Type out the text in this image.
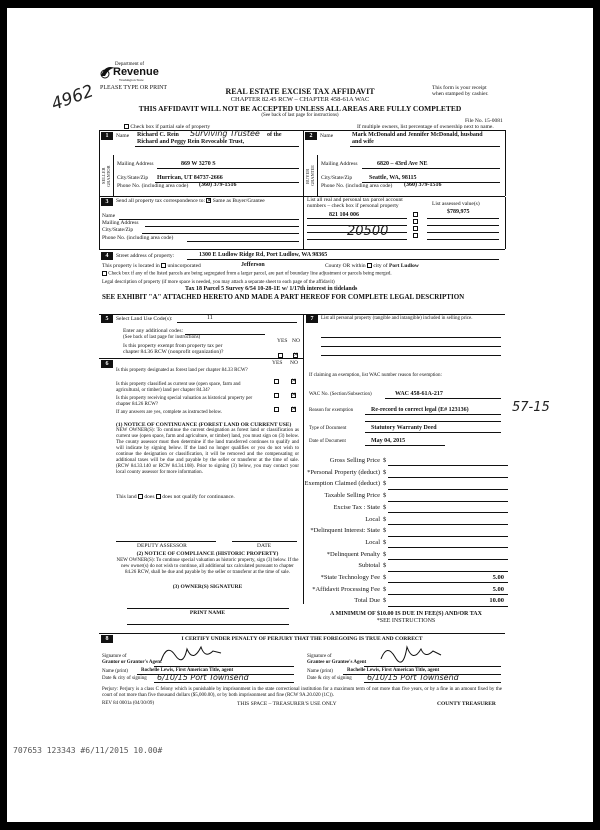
4962
Department of
Revenue
Washington State
PLEASE TYPE OR PRINT	REAL ESTATE EXCISE TAX AFFIDAVIT
CHAPTER 82.45 RCW – CHAPTER 458-61A WAC
THIS AFFIDAVIT WILL NOT BE ACCEPTED UNLESS ALL AREAS ARE FULLY COMPLETED
(See back of last page for instructions)
This form is your receipt
when stamped by cashier.
File No. 15-0081
Check box if partial sale of property	If multiple owners, list percentage of ownership next to name.
1
SELLER GRANTOR
Name Richard C. Rein Surviving Trustee of the
Richard and Peggy Rein Revocable Trust,
Mailing Address	869 W 3270 S
City/State/Zip Hurrican, UT 84737-2666
Phone No. (including area code) (360) 379-1516
2
BUYER GRANTEE
Name	Mark McDonald and Jennifer McDonald, husband
and wife
Mailing Address	6820 – 43rd Ave NE
City/State/Zip	Seattle, WA, 98115
Phone No. (including area code) (360) 379-1516
3	Send all property tax correspondence to: ✕ Same as Buyer/Grantee
Name
Mailing Address
City/State/Zip
Phone No. (including area code)
List all real and personal tax parcel account
numbers – check box if personal property	List assessed value(s)
821 104 006	$789,975
20500
4	Street address of property:	1300 E Ludlow Ridge Rd, Port Ludlow, WA 98365
This property is located in unincorporated	Jefferson	County OR within city of Port Ludlow
Check box if any of the listed parcels are being segregated from a larger parcel, are part of boundary line adjustment or parcels being merged.
Legal description of property (if more space is needed, you may attach a separate sheet to each page of the affidavit)
Tax 18 Parcel 5 Survey 6/54 10-28-1E w/ 1/17th interest in tidelands
SEE EXHIBIT "A" ATTACHED HERETO AND MADE A PART HEREOF FOR COMPLETE LEGAL DESCRIPTION
5	Select Land Use Code(s):	11
Enter any additional codes:
(See back of last page for instructions)
YES NO
Is this property exempt from property tax per
chapter 84.36 RCW (nonprofit organization)?
✕
6	YES NO
Is this property designated as forest land per chapter 84.33 RCW?
✕
Is this property classified as current use (open space, farm and agricultural, or timber) land per chapter 84.34?
✕
Is this property receiving special valuation as historical property per chapter 84.26 RCW?
✕
If any answers are yes, complete as instructed below.
(1) NOTICE OF CONTINUANCE (FOREST LAND OR CURRENT USE)
NEW OWNER(S): To continue the current designation as forest land or classification as current use (open space, farm and agriculture, or timber) land, you must sign on (3) below. The county assessor must then determine if the land transferred continues to qualify and will indicate by signing below. If the land no longer qualifies or you do not wish to continue the designation or classification, it will be removed and the compensating or additional taxes will be due and payable by the seller or transferor at the time of sale. (RCW 84.33.140 or RCW 84.34.108). Prior to signing (3) below, you may contact your local county assessor for more information.
This land does does not qualify for continuance.
DEPUTY ASSESSOR	DATE
(2) NOTICE OF COMPLIANCE (HISTORIC PROPERTY)
NEW OWNER(S): To continue special valuation as historic property, sign (3) below. If the new owner(s) do not wish to continue, all additional tax calculated pursuant to chapter 84.26 RCW, shall be due and payable by the seller or transferor at the time of sale.
(3) OWNER(S) SIGNATURE
PRINT NAME
7	List all personal property (tangible and intangible) included in selling price.
If claiming an exemption, list WAC number reason for exemption:
WAC No. (Section/Subsection)	WAC 458-61A-217
Reason for exemption	Re-record to correct legal (E# 123136)	57-15
Type of Document	Statutory Warranty Deed
Date of Document	May 04, 2015
Gross Selling Price $
*Personal Property (deduct) $
Exemption Claimed (deduct) $
Taxable Selling Price $
Excise Tax : State $
Local $
*Delinquent Interest: State $
Local $
*Delinquent Penalty $
Subtotal $
*State Technology Fee $	5.00
*Affidavit Processing Fee $	5.00
Total Due $	10.00
A MINIMUM OF $10.00 IS DUE IN FEE(S) AND/OR TAX
*SEE INSTRUCTIONS
8	I CERTIFY UNDER PENALTY OF PERJURY THAT THE FOREGOING IS TRUE AND CORRECT
Signature of
Grantor or Grantor's Agent
Name (print)	Rochelle Lewis, First American Title, agent
Date & city of signing 6/10/15 Port Townsend
Signature of
Grantee or Grantee's Agent
Name (print)	Rochelle Lewis, First American Title, agent
Date & city of signing 6/10/15 Port Townsend
Perjury: Perjury is a class C felony which is punishable by imprisonment in the state correctional institution for a maximum term of not more than five years, or by a fine in an amount fixed by the court of not more than five thousand dollars ($5,000.00), or by both imprisonment and fine (RCW 9A.20.020 (1C)).
REV 84 0001a (04/30/09)	THIS SPACE – TREASURER'S USE ONLY	COUNTY TREASURER
707653 123343 #6/11/2015 10.00#
